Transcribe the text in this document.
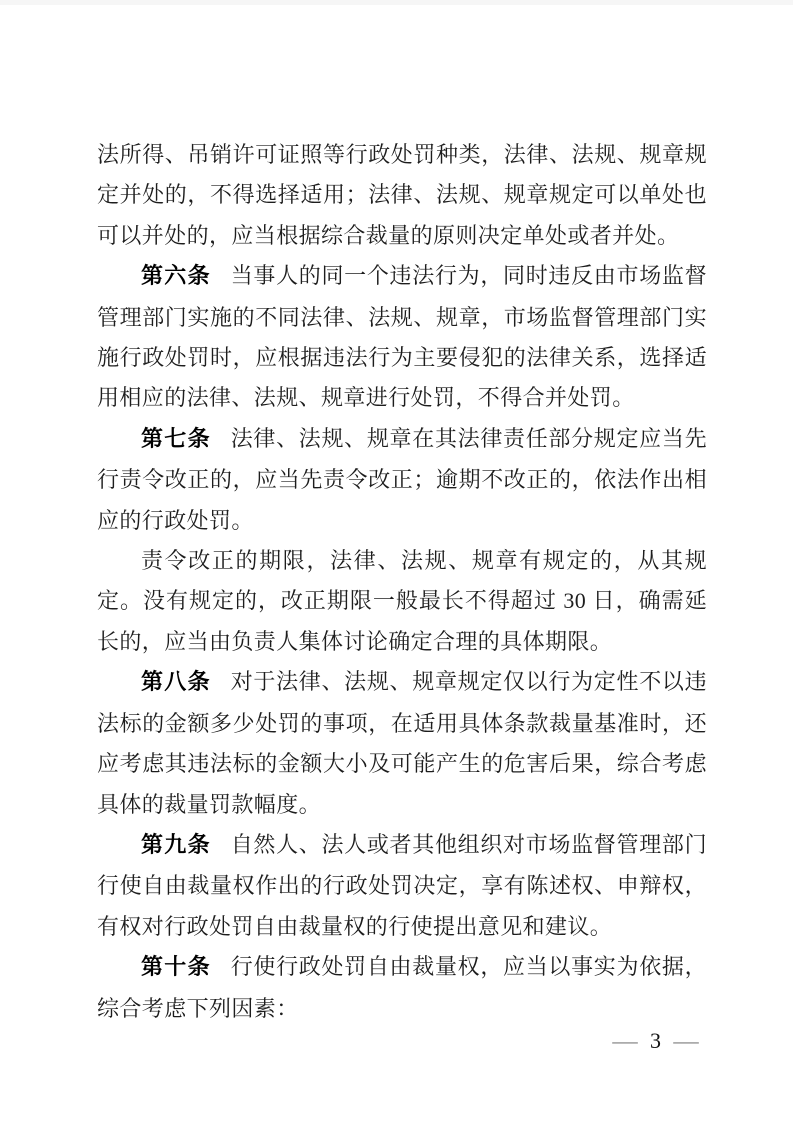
法所得、吊销许可证照等行政处罚种类，法律、法规、规章规定并处的，不得选择适用；法律、法规、规章规定可以单处也可以并处的，应当根据综合裁量的原则决定单处或者并处。

第六条 当事人的同一个违法行为，同时违反由市场监督管理部门实施的不同法律、法规、规章，市场监督管理部门实施行政处罚时，应根据违法行为主要侵犯的法律关系，选择适用相应的法律、法规、规章进行处罚，不得合并处罚。

第七条 法律、法规、规章在其法律责任部分规定应当先行责令改正的，应当先责令改正；逾期不改正的，依法作出相应的行政处罚。

责令改正的期限，法律、法规、规章有规定的，从其规定。没有规定的，改正期限一般最长不得超过 30 日，确需延长的，应当由负责人集体讨论确定合理的具体期限。

第八条 对于法律、法规、规章规定仅以行为定性不以违法标的金额多少处罚的事项，在适用具体条款裁量基准时，还应考虑其违法标的金额大小及可能产生的危害后果，综合考虑具体的裁量罚款幅度。

第九条 自然人、法人或者其他组织对市场监督管理部门行使自由裁量权作出的行政处罚决定，享有陈述权、申辩权，有权对行政处罚自由裁量权的行使提出意见和建议。

第十条 行使行政处罚自由裁量权，应当以事实为依据，综合考虑下列因素：

— 3 —
